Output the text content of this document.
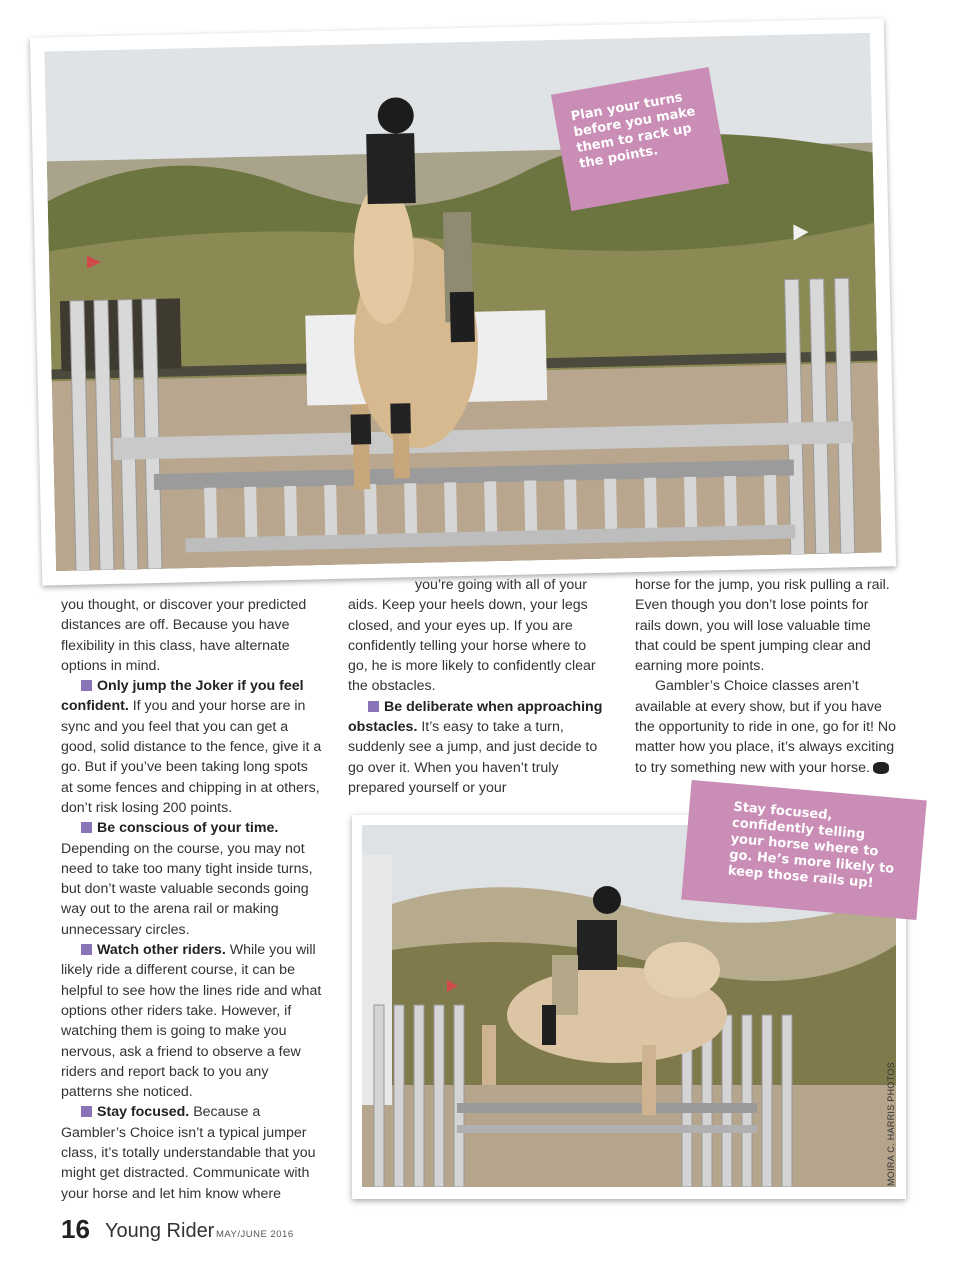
Plan your turns before you make them to rack up the points.

you thought, or discover your predicted distances are off. Because you have flexibility in this class, have alternate options in mind.

Only jump the Joker if you feel confident. If you and your horse are in sync and you feel that you can get a good, solid distance to the fence, give it a go. But if you’ve been taking long spots at some fences and chipping in at others, don’t risk losing 200 points.

Be conscious of your time. Depending on the course, you may not need to take too many tight inside turns, but don’t waste valuable seconds going way out to the arena rail or making unnecessary circles.

Watch other riders. While you will likely ride a different course, it can be helpful to see how the lines ride and what options other riders take. However, if watching them is going to make you nervous, ask a friend to observe a few riders and report back to you any patterns she noticed.

Stay focused. Because a Gambler’s Choice isn’t a typical jumper class, it’s totally understandable that you might get distracted. Communicate with your horse and let him know where

you’re going with all of your

aids. Keep your heels down, your legs closed, and your eyes up. If you are confidently telling your horse where to go, he is more likely to confidently clear the obstacles.

Be deliberate when approaching obstacles. It’s easy to take a turn, suddenly see a jump, and just decide to go over it. When you haven’t truly prepared yourself or your

horse for the jump, you risk pulling a rail. Even though you don’t lose points for rails down, you will lose valuable time that could be spent jumping clear and earning more points.

Gambler’s Choice classes aren’t available at every show, but if you have the opportunity to ride in one, go for it! No matter how you place, it’s always exciting to try something new with your horse.	YR

Stay focused, confidently telling your horse where to go. He’s more likely to keep those rails up!
MOIRA C. HARRIS PHOTOS
16 Young Rider MAY/JUNE 2016
